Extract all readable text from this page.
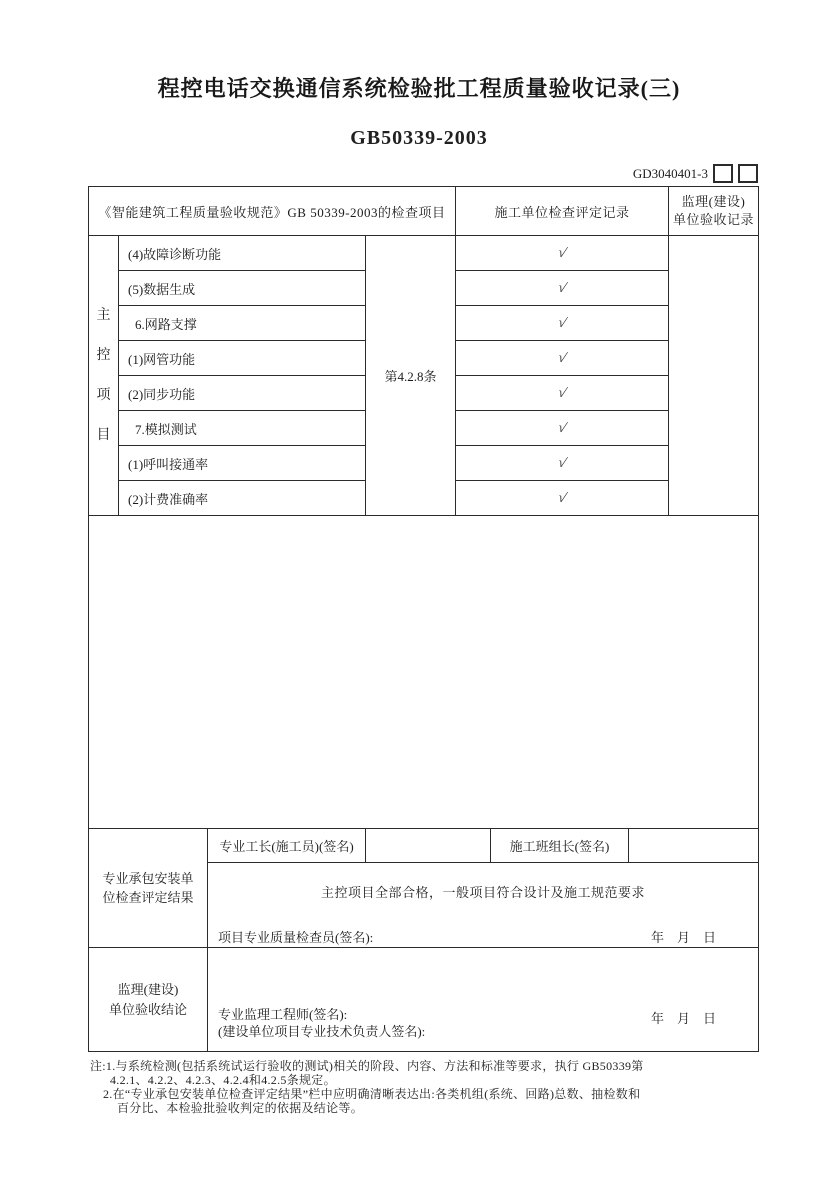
程控电话交换通信系统检验批工程质量验收记录(三)
GB50339-2003
GD3040401-3
《智能建筑工程质量验收规范》GB 50339-2003的检查项目			施工单位检查评定记录	监理(建设)
单位验收记录

主控项目	(4)故障诊断功能	第4.2.8条	√	
	(5)数据生成		√	
	6.网路支撑		√	
	(1)网管功能		√	
	(2)同步功能		√	
	7.模拟测试		√	
	(1)呼叫接通率		√	
	(2)计费准确率		√	

专业承包安装单
位检查评定结果	专业工长(施工员)(签名)		施工班组长(签名)	

	主控项目全部合格，一般项目符合设计及施工规范要求
项目专业质量检查员(签名): 年　月　日			

监理(建设)
单位验收结论	专业监理工程师(签名):
(建设单位项目专业技术负责人签名):
年　月　日
注:1.与系统检测(包括系统试运行验收的测试)相关的阶段、内容、方法和标准等要求，执行 GB50339第
4.2.1、4.2.2、4.2.3、4.2.4和4.2.5条规定。
2.在“专业承包安装单位检查评定结果”栏中应明确清晰表达出:各类机组(系统、回路)总数、抽检数和
百分比、本检验批验收判定的依据及结论等。
